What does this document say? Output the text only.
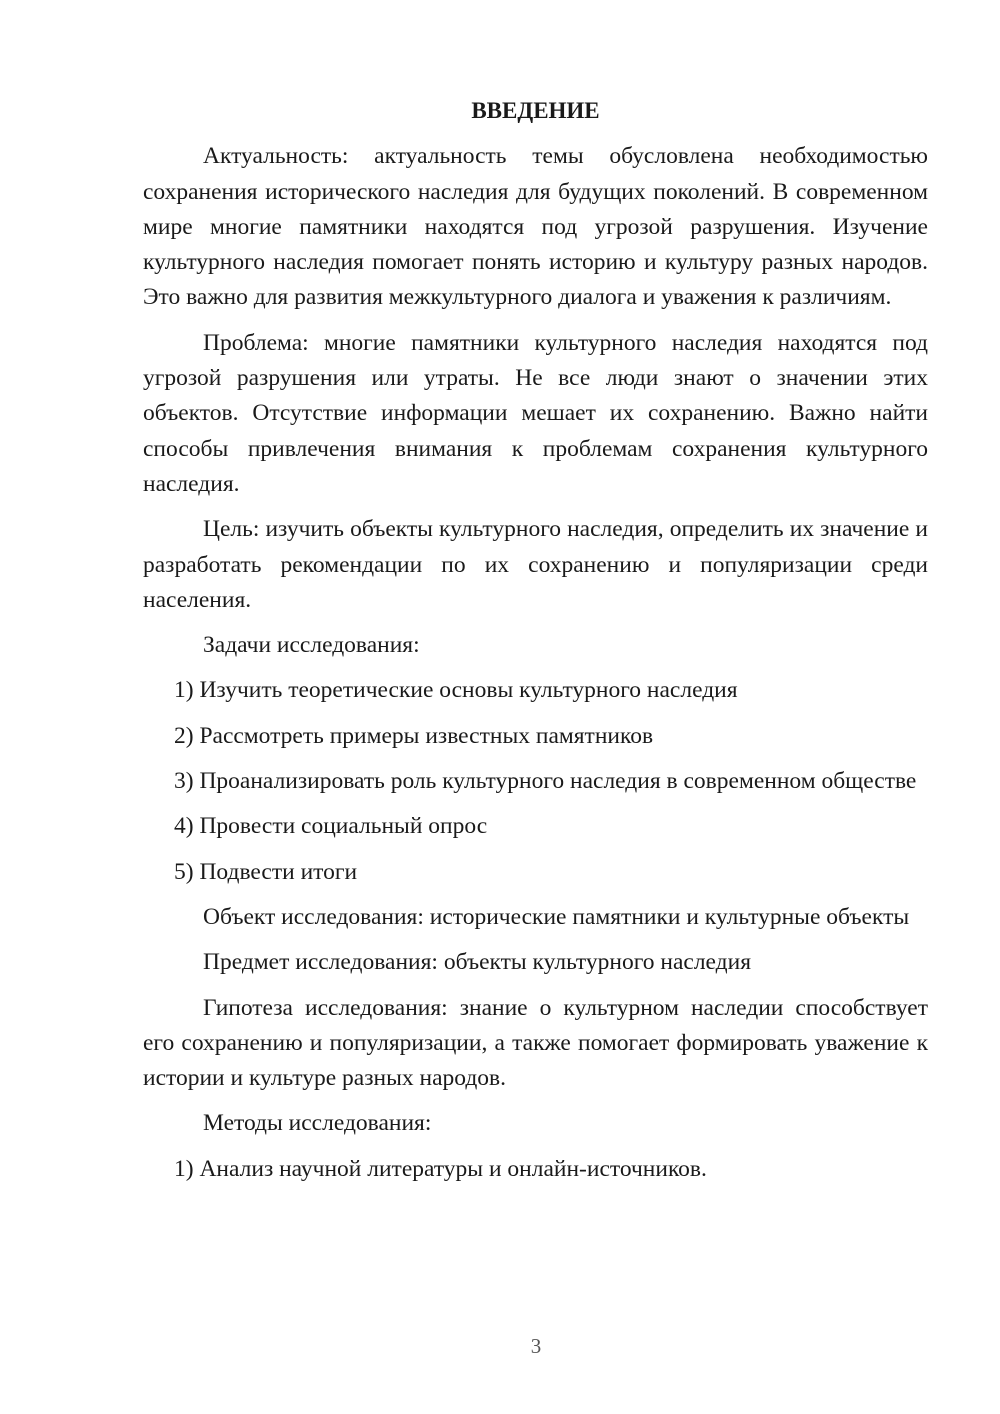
ВВЕДЕНИЕ

Актуальность: актуальность темы обусловлена необходимостью сохранения исторического наследия для будущих поколений. В современном мире многие памятники находятся под угрозой разрушения. Изучение культурного наследия помогает понять историю и культуру разных народов. Это важно для развития межкультурного диалога и уважения к различиям.

Проблема: многие памятники культурного наследия находятся под угрозой разрушения или утраты. Не все люди знают о значении этих объектов. Отсутствие информации мешает их сохранению. Важно найти способы привлечения внимания к проблемам сохранения культурного наследия.

Цель: изучить объекты культурного наследия, определить их значение и разработать рекомендации по их сохранению и популяризации среди населения.

Задачи исследования:

1) Изучить теоретические основы культурного наследия

2) Рассмотреть примеры известных памятников

3) Проанализировать роль культурного наследия в современном обществе

4) Провести социальный опрос

5) Подвести итоги

Объект исследования: исторические памятники и культурные объекты

Предмет исследования: объекты культурного наследия

Гипотеза исследования: знание о культурном наследии способствует его сохранению и популяризации, а также помогает формировать уважение к истории и культуре разных народов.

Методы исследования:

1) Анализ научной литературы и онлайн-источников.

3
